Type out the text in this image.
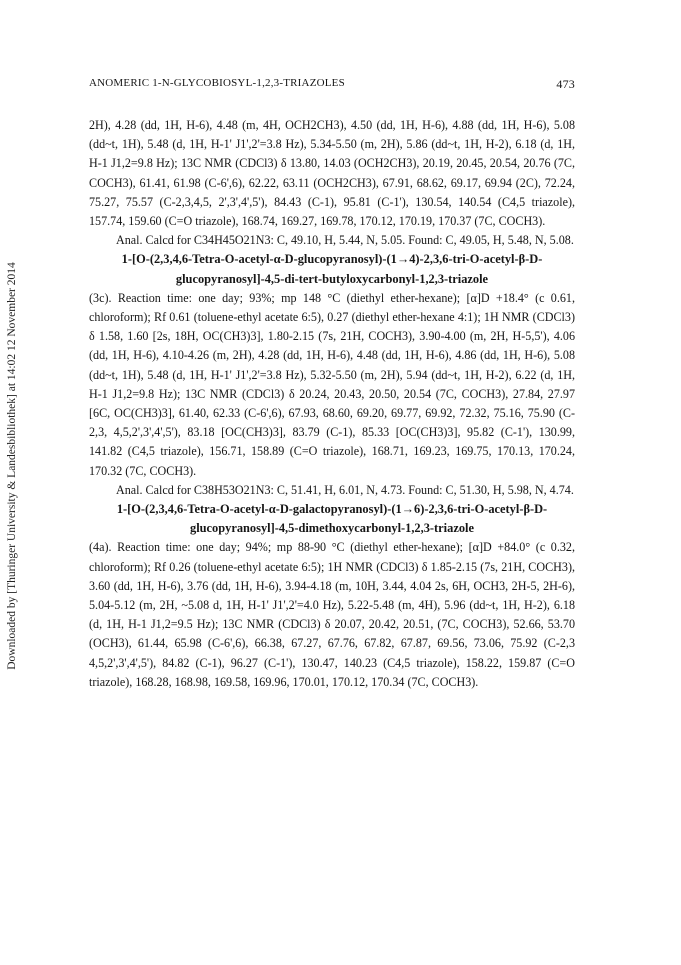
Downloaded by [Thuringer University & Landesbibliothek] at 14:02 12 November 2014
ANOMERIC 1-N-GLYCOBIOSYL-1,2,3-TRIAZOLES	473

2H), 4.28 (dd, 1H, H-6), 4.48 (m, 4H, OCH2CH3), 4.50 (dd, 1H, H-6), 4.88 (dd, 1H, H-6), 5.08 (dd~t, 1H), 5.48 (d, 1H, H-1' J1',2'=3.8 Hz), 5.34-5.50 (m, 2H), 5.86 (dd~t, 1H, H-2), 6.18 (d, 1H, H-1 J1,2=9.8 Hz); 13C NMR (CDCl3) δ 13.80, 14.03 (OCH2CH3), 20.19, 20.45, 20.54, 20.76 (7C, COCH3), 61.41, 61.98 (C-6',6), 62.22, 63.11 (OCH2CH3), 67.91, 68.62, 69.17, 69.94 (2C), 72.24, 75.27, 75.57 (C-2,3,4,5, 2',3',4',5'), 84.43 (C-1), 95.81 (C-1'), 130.54, 140.54 (C4,5 triazole), 157.74, 159.60 (C=O triazole), 168.74, 169.27, 169.78, 170.12, 170.19, 170.37 (7C, COCH3).

Anal. Calcd for C34H45O21N3: C, 49.10, H, 5.44, N, 5.05. Found: C, 49.05, H, 5.48, N, 5.08.

1-[O-(2,3,4,6-Tetra-O-acetyl-α-D-glucopyranosyl)-(1→4)-2,3,6-tri-O-acetyl-β-D-glucopyranosyl]-4,5-di-tert-butyloxycarbonyl-1,2,3-triazole

(3c). Reaction time: one day; 93%; mp 148 °C (diethyl ether-hexane); [α]D +18.4° (c 0.61, chloroform); Rf 0.61 (toluene-ethyl acetate 6:5), 0.27 (diethyl ether-hexane 4:1); 1H NMR (CDCl3) δ 1.58, 1.60 [2s, 18H, OC(CH3)3], 1.80-2.15 (7s, 21H, COCH3), 3.90-4.00 (m, 2H, H-5,5'), 4.06 (dd, 1H, H-6), 4.10-4.26 (m, 2H), 4.28 (dd, 1H, H-6), 4.48 (dd, 1H, H-6), 4.86 (dd, 1H, H-6), 5.08 (dd~t, 1H), 5.48 (d, 1H, H-1' J1',2'=3.8 Hz), 5.32-5.50 (m, 2H), 5.94 (dd~t, 1H, H-2), 6.22 (d, 1H, H-1 J1,2=9.8 Hz); 13C NMR (CDCl3) δ 20.24, 20.43, 20.50, 20.54 (7C, COCH3), 27.84, 27.97 [6C, OC(CH3)3], 61.40, 62.33 (C-6',6), 67.93, 68.60, 69.20, 69.77, 69.92, 72.32, 75.16, 75.90 (C-2,3, 4,5,2',3',4',5'), 83.18 [OC(CH3)3], 83.79 (C-1), 85.33 [OC(CH3)3], 95.82 (C-1'), 130.99, 141.82 (C4,5 triazole), 156.71, 158.89 (C=O triazole), 168.71, 169.23, 169.75, 170.13, 170.24, 170.32 (7C, COCH3).

Anal. Calcd for C38H53O21N3: C, 51.41, H, 6.01, N, 4.73. Found: C, 51.30, H, 5.98, N, 4.74.

1-[O-(2,3,4,6-Tetra-O-acetyl-α-D-galactopyranosyl)-(1→6)-2,3,6-tri-O-acetyl-β-D-glucopyranosyl]-4,5-dimethoxycarbonyl-1,2,3-triazole

(4a). Reaction time: one day; 94%; mp 88-90 °C (diethyl ether-hexane); [α]D +84.0° (c 0.32, chloroform); Rf 0.26 (toluene-ethyl acetate 6:5); 1H NMR (CDCl3) δ 1.85-2.15 (7s, 21H, COCH3), 3.60 (dd, 1H, H-6), 3.76 (dd, 1H, H-6), 3.94-4.18 (m, 10H, 3.44, 4.04 2s, 6H, OCH3, 2H-5, 2H-6), 5.04-5.12 (m, 2H, ~5.08 d, 1H, H-1' J1',2'=4.0 Hz), 5.22-5.48 (m, 4H), 5.96 (dd~t, 1H, H-2), 6.18 (d, 1H, H-1 J1,2=9.5 Hz); 13C NMR (CDCl3) δ 20.07, 20.42, 20.51, (7C, COCH3), 52.66, 53.70 (OCH3), 61.44, 65.98 (C-6',6), 66.38, 67.27, 67.76, 67.82, 67.87, 69.56, 73.06, 75.92 (C-2,3 4,5,2',3',4',5'), 84.82 (C-1), 96.27 (C-1'), 130.47, 140.23 (C4,5 triazole), 158.22, 159.87 (C=O triazole), 168.28, 168.98, 169.58, 169.96, 170.01, 170.12, 170.34 (7C, COCH3).
